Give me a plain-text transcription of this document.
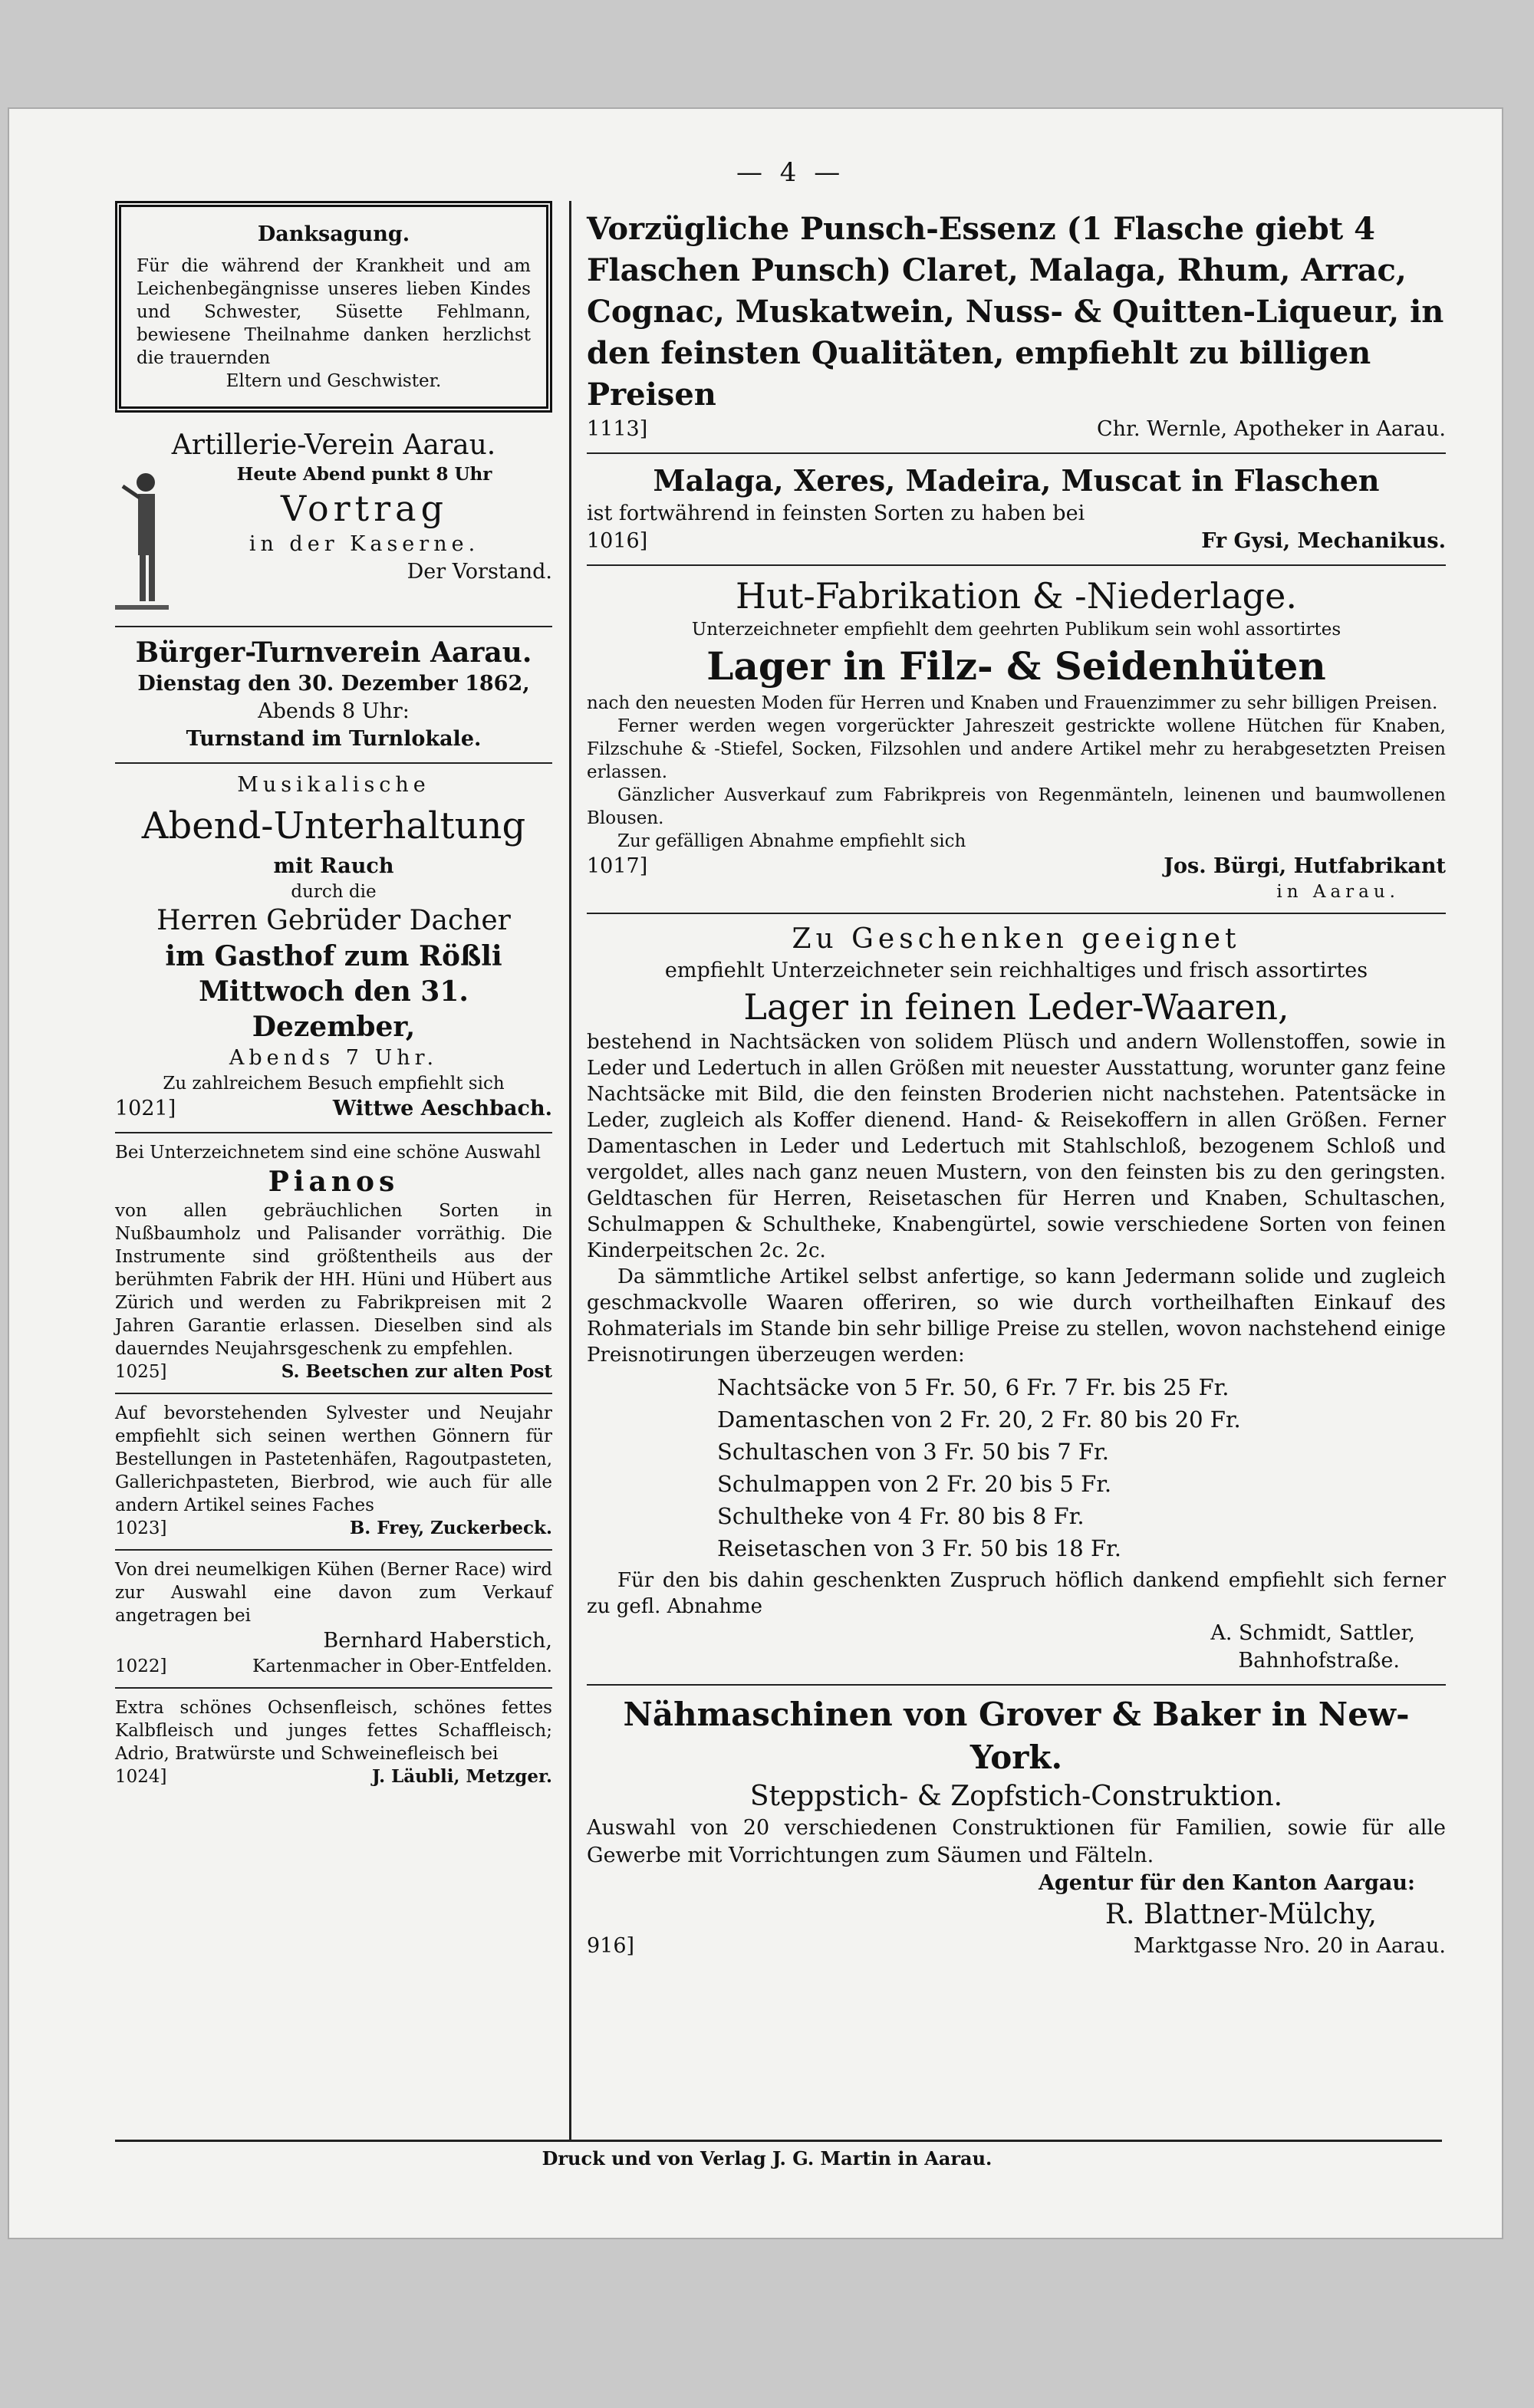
— 4 —
Danksagung.
Für die während der Krankheit und am Leichenbegängnisse unseres lieben Kindes und Schwester, Süsette Fehlmann, bewiesene Theilnahme danken herzlichst die trauernden
Eltern und Geschwister.
Artillerie-Verein Aarau.
Heute Abend punkt 8 Uhr
Vortrag
in der Kaserne.
Der Vorstand.
Bürger-Turnverein Aarau.
Dienstag den 30. Dezember 1862,
Abends 8 Uhr:
Turnstand im Turnlokale.
Musikalische
Abend-Unterhaltung
mit Rauch
durch die
Herren Gebrüder Dacher
im Gasthof zum Rößli
Mittwoch den 31. Dezember,
Abends 7 Uhr.
Zu zahlreichem Besuch empfiehlt sich
1021]	Wittwe Aeschbach.
Bei Unterzeichnetem sind eine schöne Auswahl
Pianos
von allen gebräuchlichen Sorten in Nußbaumholz und Palisander vorräthig. Die Instrumente sind größtentheils aus der berühmten Fabrik der HH. Hüni und Hübert aus Zürich und werden zu Fabrikpreisen mit 2 Jahren Garantie erlassen. Dieselben sind als dauerndes Neujahrsgeschenk zu empfehlen.
1025]	S. Beetschen zur alten Post
Auf bevorstehenden Sylvester und Neujahr empfiehlt sich seinen werthen Gönnern für Bestellungen in Pastetenhäfen, Ragoutpasteten, Gallerichpasteten, Bierbrod, wie auch für alle andern Artikel seines Faches
1023]	B. Frey, Zuckerbeck.
Von drei neumelkigen Kühen (Berner Race) wird zur Auswahl eine davon zum Verkauf angetragen bei
Bernhard Haberstich,
1022]	Kartenmacher in Ober-Entfelden.
Extra schönes Ochsenfleisch, schönes fettes Kalbfleisch und junges fettes Schaffleisch; Adrio, Bratwürste und Schweinefleisch bei
1024]	J. Läubli, Metzger.
Vorzügliche Punsch-Essenz (1 Flasche giebt 4 Flaschen Punsch) Claret, Malaga, Rhum, Arrac, Cognac, Muskatwein, Nuss- & Quitten-Liqueur, in den feinsten Qualitäten, empfiehlt zu billigen Preisen
1113]	Chr. Wernle, Apotheker in Aarau.
Malaga, Xeres, Madeira, Muscat in Flaschen
ist fortwährend in feinsten Sorten zu haben bei
1016]	Fr Gysi, Mechanikus.
Hut-Fabrikation & -Niederlage.
Unterzeichneter empfiehlt dem geehrten Publikum sein wohl assortirtes
Lager in Filz- & Seidenhüten
nach den neuesten Moden für Herren und Knaben und Frauenzimmer zu sehr billigen Preisen.
Ferner werden wegen vorgerückter Jahreszeit gestrickte wollene Hütchen für Knaben, Filzschuhe & -Stiefel, Socken, Filzsohlen und andere Artikel mehr zu herabgesetzten Preisen erlassen.
Gänzlicher Ausverkauf zum Fabrikpreis von Regenmänteln, leinenen und baumwollenen Blousen.
Zur gefälligen Abnahme empfiehlt sich
1017]	Jos. Bürgi, Hutfabrikant
in Aarau.
Zu Geschenken geeignet
empfiehlt Unterzeichneter sein reichhaltiges und frisch assortirtes
Lager in feinen Leder-Waaren,
bestehend in Nachtsäcken von solidem Plüsch und andern Wollenstoffen, sowie in Leder und Ledertuch in allen Größen mit neuester Ausstattung, worunter ganz feine Nachtsäcke mit Bild, die den feinsten Broderien nicht nachstehen. Patentsäcke in Leder, zugleich als Koffer dienend. Hand- & Reisekoffern in allen Größen. Ferner Damentaschen in Leder und Ledertuch mit Stahlschloß, bezogenem Schloß und vergoldet, alles nach ganz neuen Mustern, von den feinsten bis zu den geringsten. Geldtaschen für Herren, Reisetaschen für Herren und Knaben, Schultaschen, Schulmappen & Schultheke, Knabengürtel, sowie verschiedene Sorten von feinen Kinderpeitschen 2c. 2c.
Da sämmtliche Artikel selbst anfertige, so kann Jedermann solide und zugleich geschmackvolle Waaren offeriren, so wie durch vortheilhaften Einkauf des Rohmaterials im Stande bin sehr billige Preise zu stellen, wovon nachstehend einige Preisnotirungen überzeugen werden:
Nachtsäcke von 5 Fr. 50, 6 Fr. 7 Fr. bis 25 Fr.
Damentaschen von 2 Fr. 20, 2 Fr. 80 bis 20 Fr.
Schultaschen von 3 Fr. 50 bis 7 Fr.
Schulmappen von 2 Fr. 20 bis 5 Fr.
Schultheke von 4 Fr. 80 bis 8 Fr.
Reisetaschen von 3 Fr. 50 bis 18 Fr.
Für den bis dahin geschenkten Zuspruch höflich dankend empfiehlt sich ferner zu gefl. Abnahme
A. Schmidt, Sattler,
Bahnhofstraße.
Nähmaschinen von Grover & Baker in New-York.
Steppstich- & Zopfstich-Construktion.
Auswahl von 20 verschiedenen Construktionen für Familien, sowie für alle Gewerbe mit Vorrichtungen zum Säumen und Fälteln.
Agentur für den Kanton Aargau:
R. Blattner-Mülchy,
916]	Marktgasse Nro. 20 in Aarau.
Druck und von Verlag J. G. Martin in Aarau.
